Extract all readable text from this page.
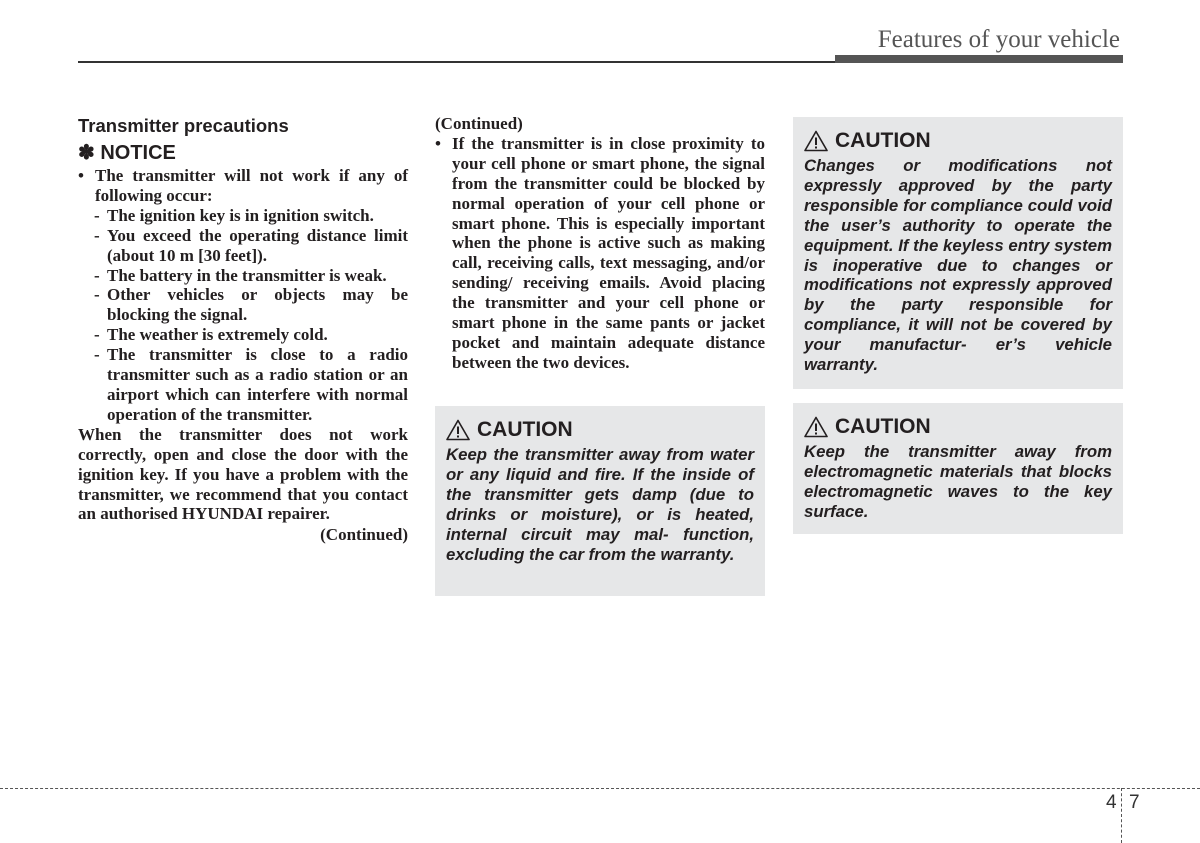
Features of your vehicle
Transmitter precautions
✽ NOTICE
• The transmitter will not work if any of following occur:
- The ignition key is in ignition switch.
- You exceed the operating distance limit (about 10 m [30 feet]).
- The battery in the transmitter is weak.
- Other vehicles or objects may be blocking the signal.
- The weather is extremely cold.
- The transmitter is close to a radio transmitter such as a radio station or an airport which can interfere with normal operation of the transmitter.
When the transmitter does not work correctly, open and close the door with the ignition key. If you have a problem with the transmitter, we recommend that you contact an authorised HYUNDAI repairer.
(Continued)
(Continued)
• If the transmitter is in close proximity to your cell phone or smart phone, the signal from the transmitter could be blocked by normal operation of your cell phone or smart phone. This is especially important when the phone is active such as making call, receiving calls, text messaging, and/or sending/ receiving emails. Avoid placing the transmitter and your cell phone or smart phone in the same pants or jacket pocket and maintain adequate distance between the two devices.
CAUTION
Keep the transmitter away from water or any liquid and fire. If the inside of the transmitter gets damp (due to drinks or moisture), or is heated, internal circuit may mal- function, excluding the car from the warranty.
CAUTION
Changes or modifications not expressly approved by the party responsible for compliance could void the user’s authority to operate the equipment. If the keyless entry system is inoperative due to changes or modifications not expressly approved by the party responsible for compliance, it will not be covered by your manufactur- er’s vehicle warranty.
CAUTION
Keep the transmitter away from electromagnetic materials that blocks electromagnetic waves to the key surface.
4 7
